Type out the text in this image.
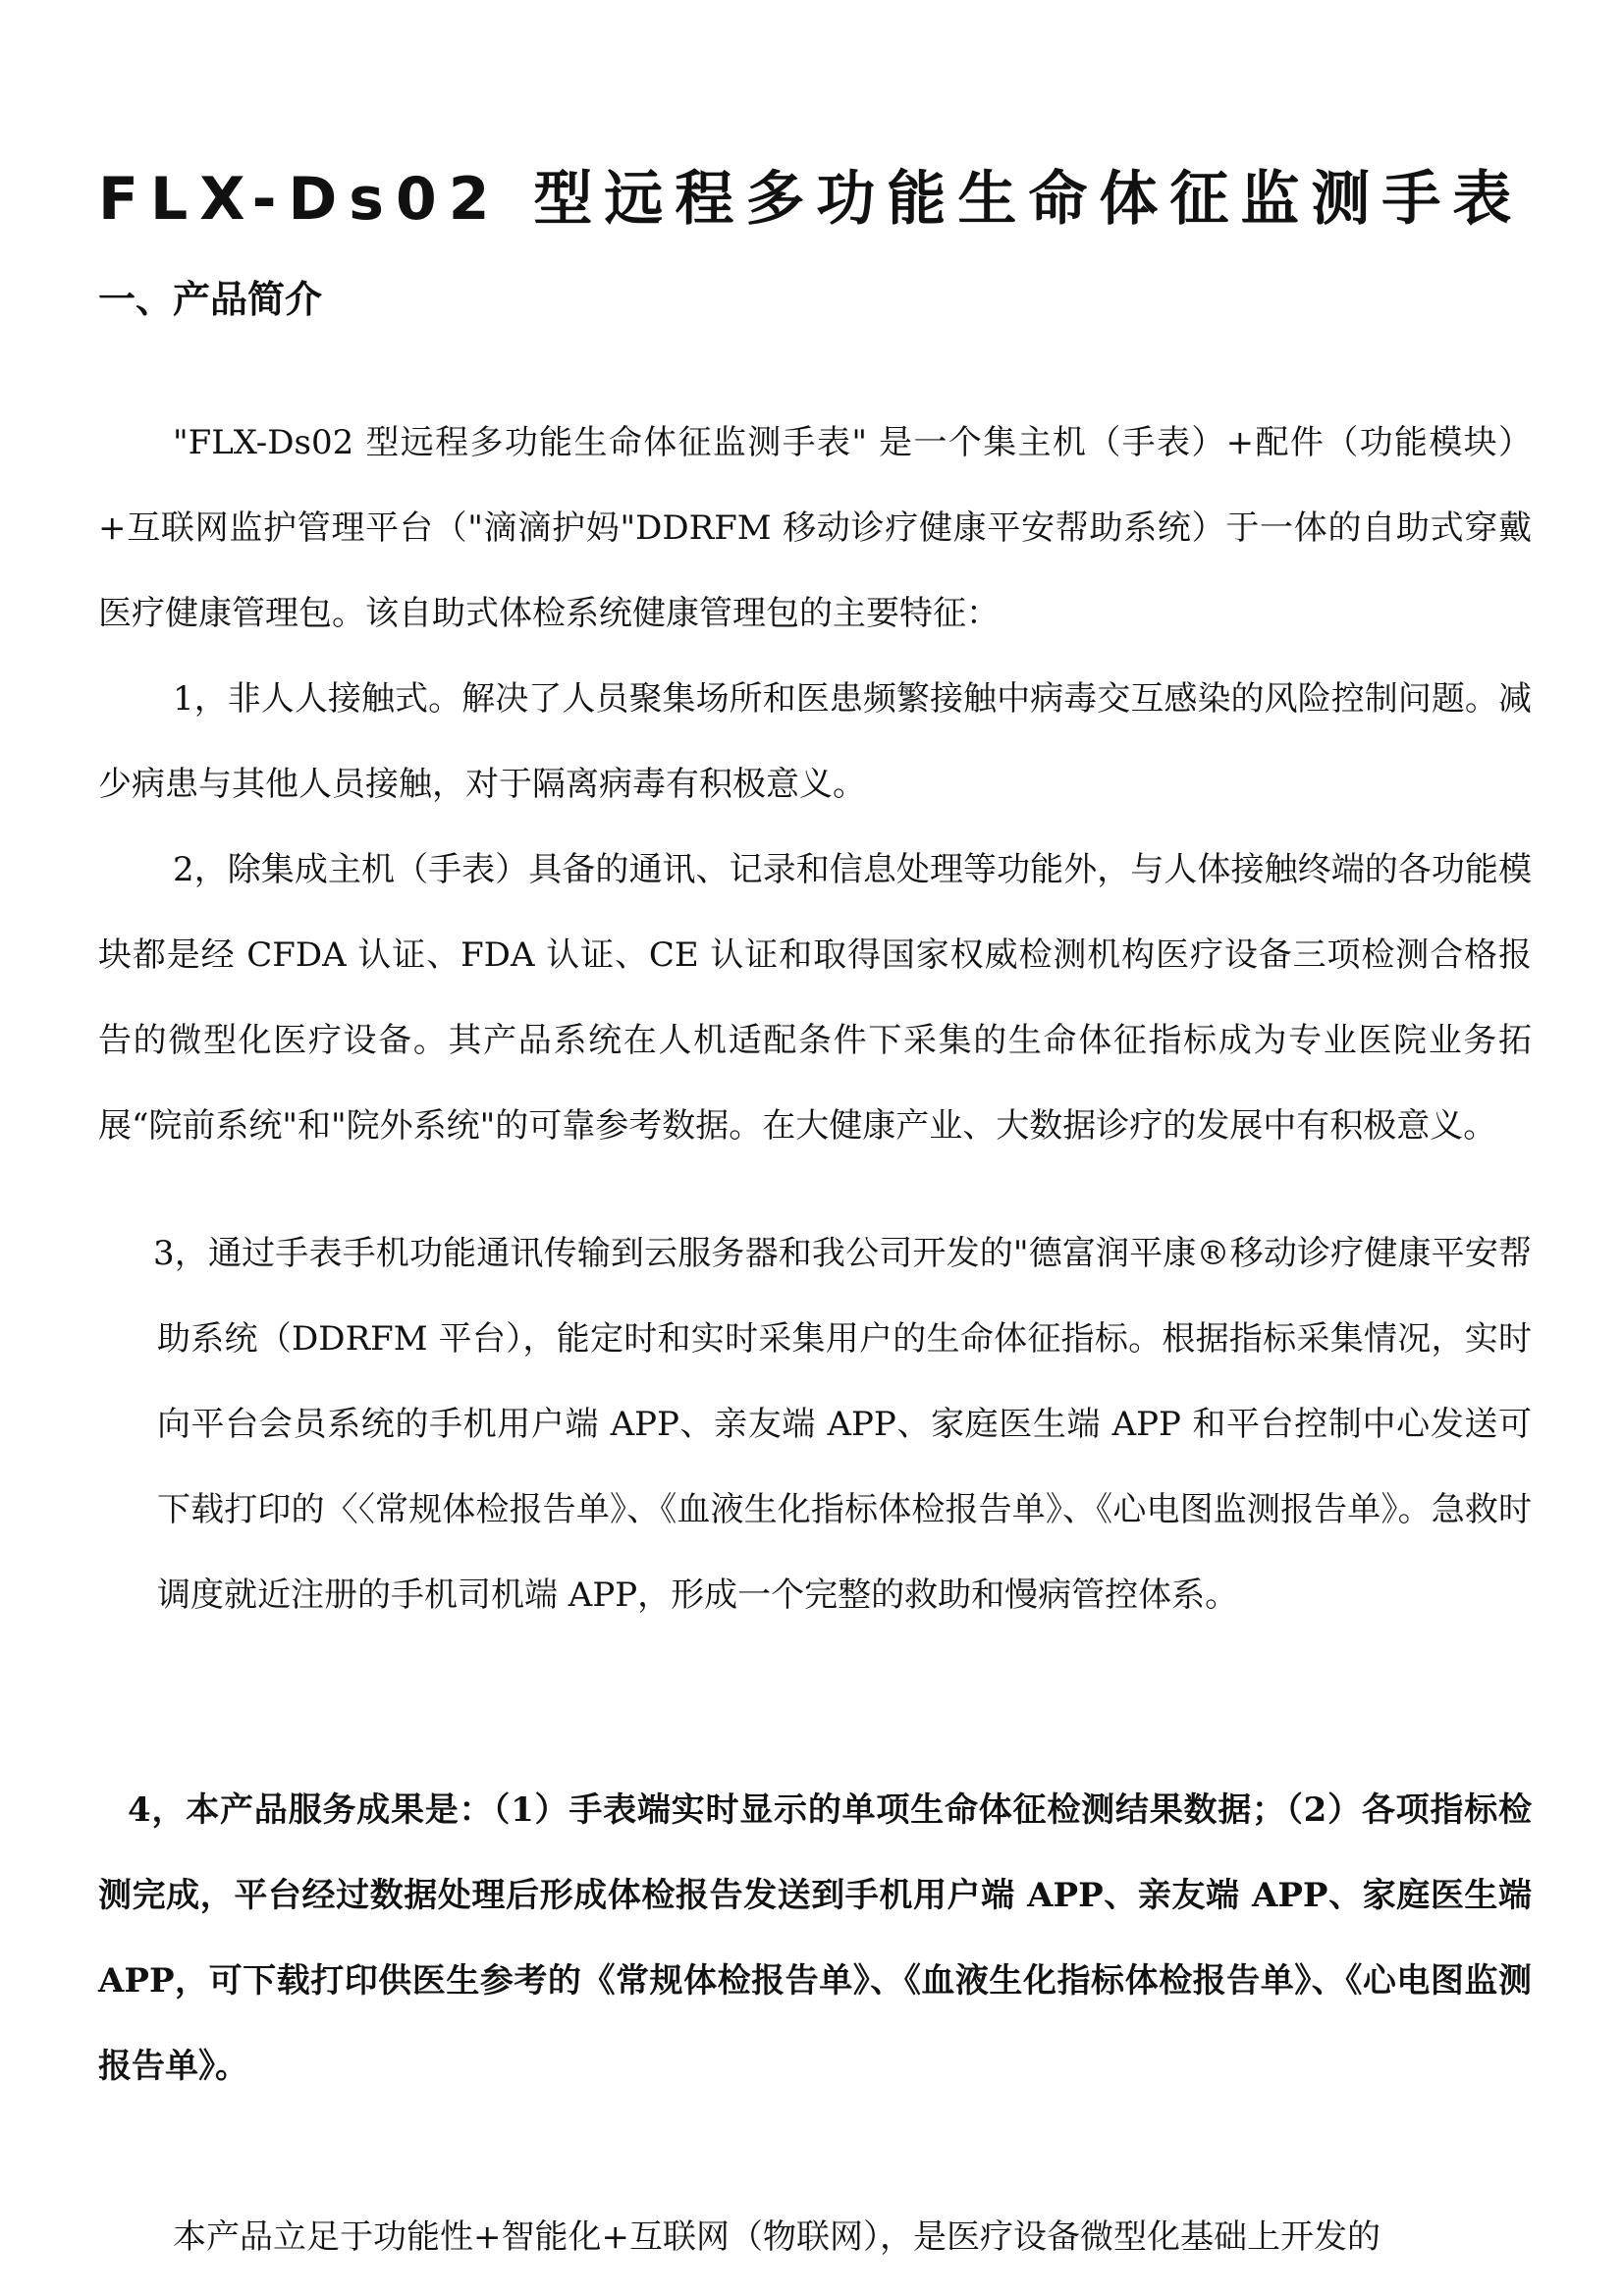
FLX-Ds02 型远程多功能生命体征监测手表
一、产品简介

"FLX-Ds02 型远程多功能生命体征监测手表" 是一个集主机（手表）+配件（功能模块）+互联网监护管理平台（"滴滴护妈"DDRFM 移动诊疗健康平安帮助系统）于一体的自助式穿戴医疗健康管理包。该自助式体检系统健康管理包的主要特征：

1，非人人接触式。解决了人员聚集场所和医患频繁接触中病毒交互感染的风险控制问题。减少病患与其他人员接触，对于隔离病毒有积极意义。

2，除集成主机（手表）具备的通讯、记录和信息处理等功能外，与人体接触终端的各功能模块都是经 CFDA 认证、FDA 认证、CE 认证和取得国家权威检测机构医疗设备三项检测合格报告的微型化医疗设备。其产品系统在人机适配条件下采集的生命体征指标成为专业医院业务拓展“院前系统"和"院外系统"的可靠参考数据。在大健康产业、大数据诊疗的发展中有积极意义。

3，通过手表手机功能通讯传输到云服务器和我公司开发的"德富润平康®移动诊疗健康平安帮助系统（DDRFM 平台），能定时和实时采集用户的生命体征指标。根据指标采集情况，实时向平台会员系统的手机用户端 APP、亲友端 APP、家庭医生端 APP 和平台控制中心发送可下载打印的〈〈常规体检报告单》、《血液生化指标体检报告单》、《心电图监测报告单》。急救时调度就近注册的手机司机端 APP，形成一个完整的救助和慢病管控体系。

4，本产品服务成果是：（1）手表端实时显示的单项生命体征检测结果数据；（2）各项指标检测完成，平台经过数据处理后形成体检报告发送到手机用户端 APP、亲友端 APP、家庭医生端 APP，可下载打印供医生参考的《常规体检报告单》、《血液生化指标体检报告单》、《心电图监测报告单》。

本产品立足于功能性+智能化+互联网（物联网），是医疗设备微型化基础上开发的
